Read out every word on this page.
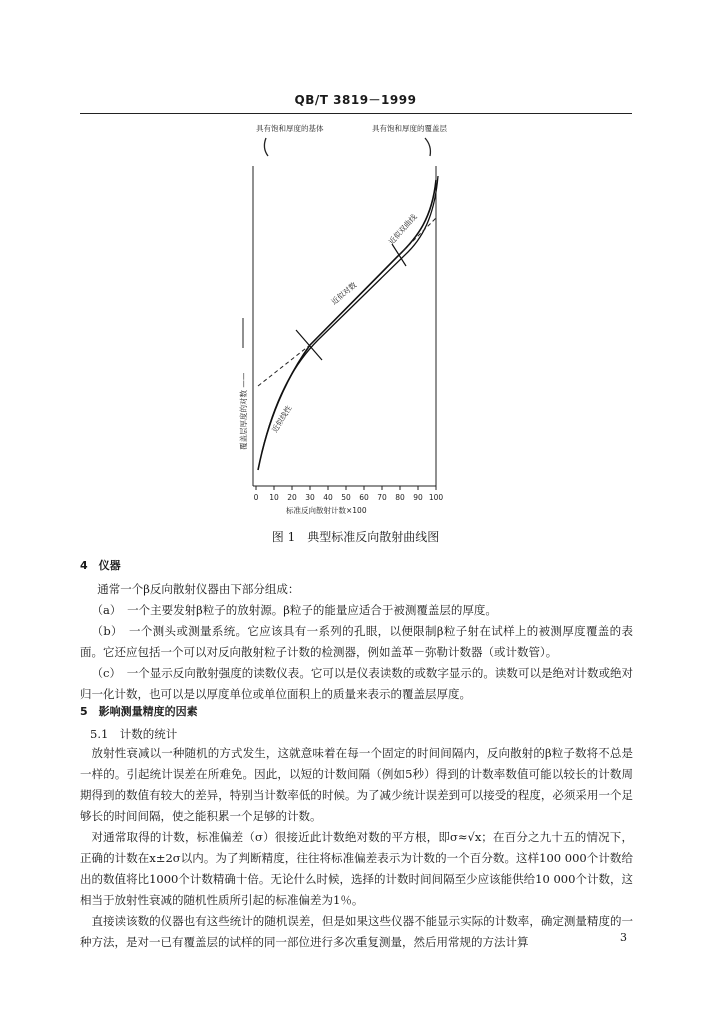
QB/T 3819－1999
具有饱和厚度的基体	具有饱和厚度的覆盖层
0 10 20 30 40 50 60 70 80 90 100
标准反向散射计数×100
覆盖层厚度的对数 ——	近似线性
近似对数
近似双曲线
图 1　典型标准反向散射曲线图
4　仪器

通常一个β反向散射仪器由下部分组成：

（a）　一个主要发射β粒子的放射源。β粒子的能量应适合于被测覆盖层的厚度。

（b）　一个测头或测量系统。它应该具有一系列的孔眼，以便限制β粒子射在试样上的被测厚度覆盖的表面。它还应包括一个可以对反向散射粒子计数的检测器，例如盖革－弥勒计数器（或计数管）。

（c）　一个显示反向散射强度的读数仪表。它可以是仪表读数的或数字显示的。读数可以是绝对计数或绝对归一化计数，也可以是以厚度单位或单位面积上的质量来表示的覆盖层厚度。

5　影响测量精度的因素
5.1　计数的统计

放射性衰减以一种随机的方式发生，这就意味着在每一个固定的时间间隔内，反向散射的β粒子数将不总是一样的。引起统计误差在所难免。因此，以短的计数间隔（例如5秒）得到的计数率数值可能以较长的计数周期得到的数值有较大的差异，特别当计数率低的时候。为了减少统计误差到可以接受的程度，必须采用一个足够长的时间间隔，使之能积累一个足够的计数。

对通常取得的计数，标准偏差（σ）很接近此计数绝对数的平方根，即σ≈√x；在百分之九十五的情况下，正确的计数在x±2σ以内。为了判断精度，往往将标准偏差表示为计数的一个百分数。这样100 000个计数给出的数值将比1000个计数精确十倍。无论什么时候，选择的计数时间间隔至少应该能供给10 000个计数，这相当于放射性衰减的随机性质所引起的标准偏差为1％。

直接读该数的仪器也有这些统计的随机误差，但是如果这些仪器不能显示实际的计数率，确定测量精度的一种方法，是对一已有覆盖层的试样的同一部位进行多次重复测量，然后用常规的方法计算	3
